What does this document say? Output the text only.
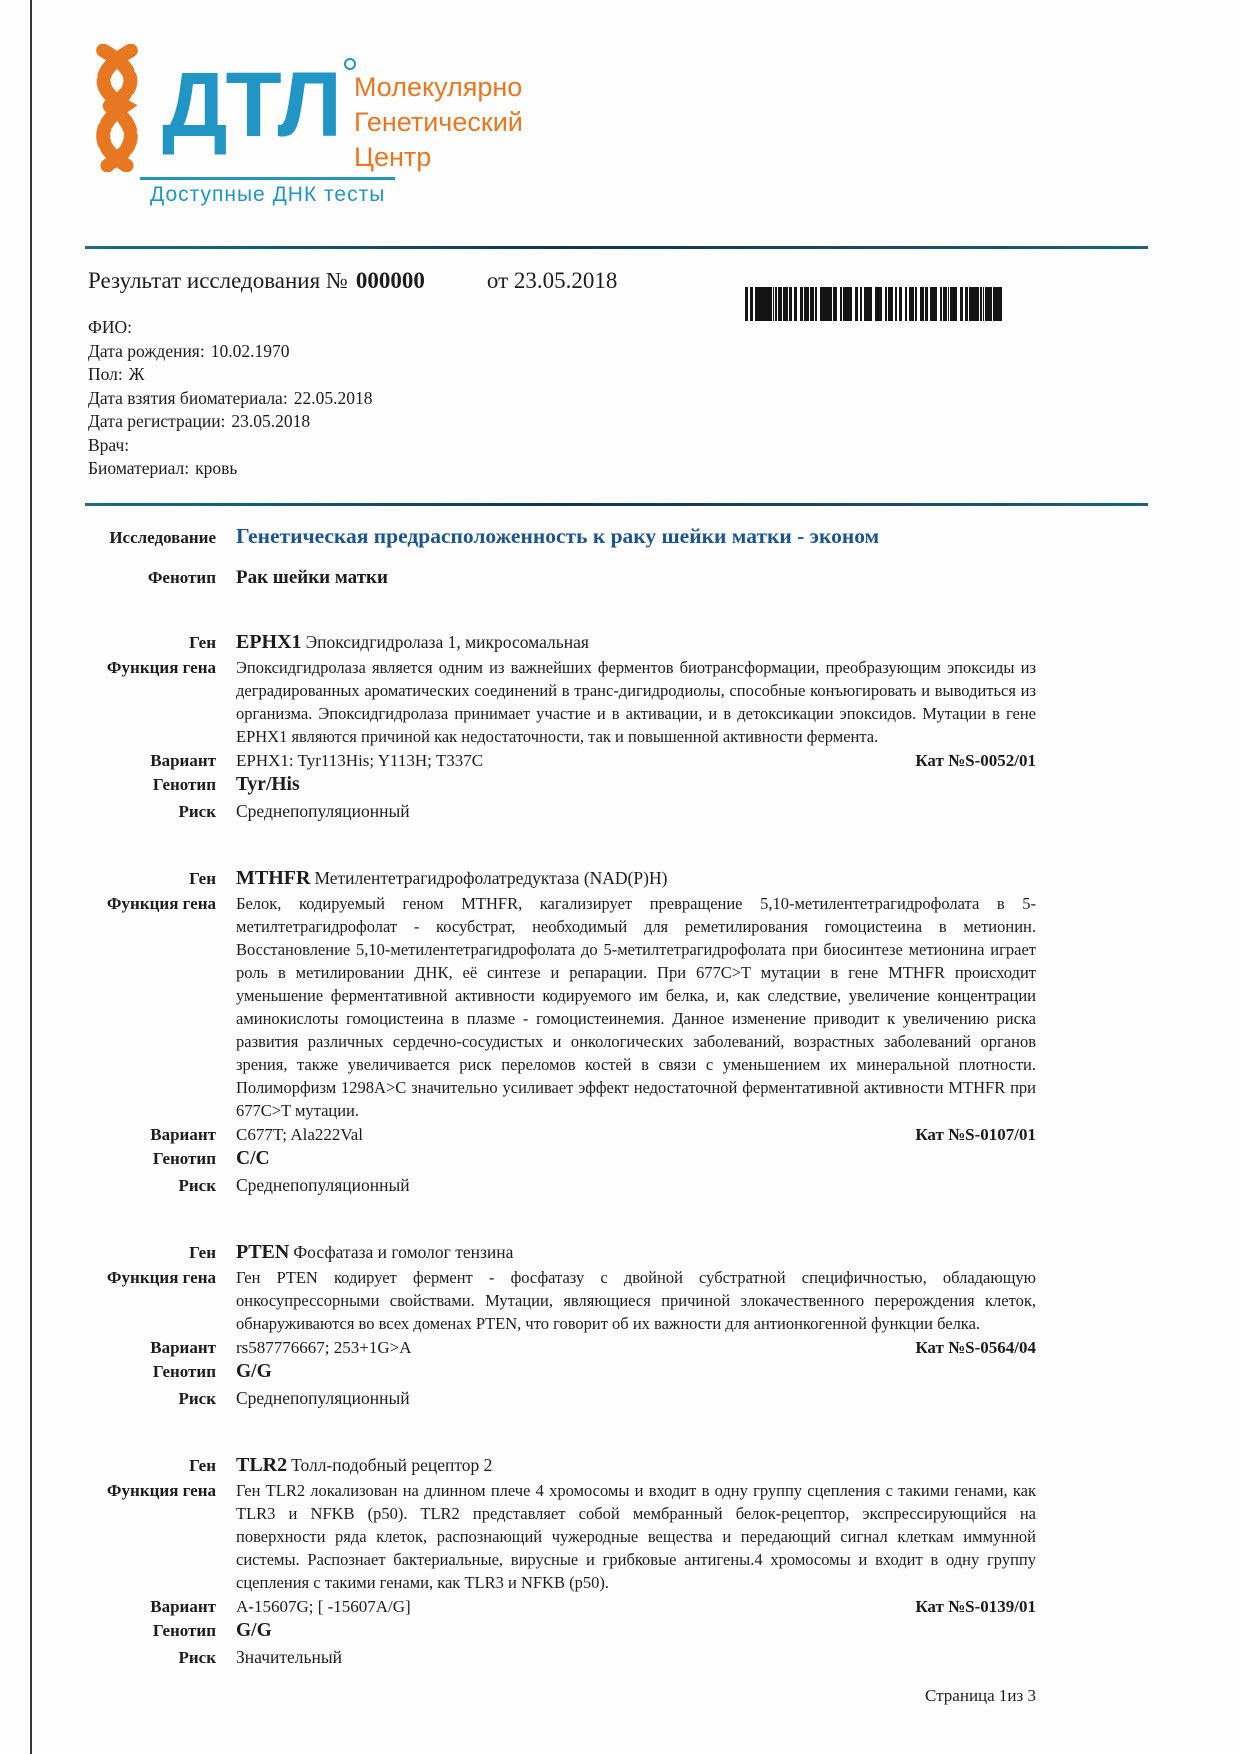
ДТЛ Молекулярно
Генетический
Центр
Доступные ДНК тесты
Результат исследования № 000000	от 23.05.2018
ФИО:
Дата рождения: 10.02.1970
Пол: Ж
Дата взятия биоматериала: 22.05.2018
Дата регистрации: 23.05.2018
Врач:
Биоматериал: кровь
Исследование Генетическая предрасположенность к раку шейки матки - эконом
Фенотип Рак шейки матки
Ген EPHX1 Эпоксидгидролаза 1, микросомальная
Функция гена Эпоксидгидролаза является одним из важнейших ферментов биотрансформации, преобразующим эпоксиды из деградированных ароматических соединений в транс-дигидродиолы, способные конъюгировать и выводиться из организма. Эпоксидгидролаза принимает участие и в активации, и в детоксикации эпоксидов. Мутации в гене EPHX1 являются причиной как недостаточности, так и повышенной активности фермента.

Вариант EPHX1: Tyr113His; Y113H; T337C	Кат №S-0052/01
Генотип Tyr/His
Риск Среднепопуляционный
Ген MTHFR Метилентетрагидрофолатредуктаза (NAD(P)H)
Функция гена Белок, кодируемый геном MTHFR, кагализирует превращение 5,10-метилентетрагидрофолата в 5-метилтетрагидрофолат - косубстрат, необходимый для реметилирования гомоцистеина в метионин. Восстановление 5,10-метилентетрагидрофолата до 5-метилтетрагидрофолата при биосинтезе метионина играет роль в метилировании ДНК, её синтезе и репарации. При 677C>T мутации в гене MTHFR происходит уменьшение ферментативной активности кодируемого им белка, и, как следствие, увеличение концентрации аминокислоты гомоцистеина в плазме - гомоцистеинемия. Данное изменение приводит к увеличению риска развития различных сердечно-сосудистых и онкологических заболеваний, возрастных заболеваний органов зрения, также увеличивается риск переломов костей в связи с уменьшением их минеральной плотности. Полиморфизм 1298A>C значительно усиливает эффект недостаточной ферментативной активности MTHFR при 677C>T мутации.

Вариант C677T; Ala222Val	Кат №S-0107/01
Генотип C/C
Риск Среднепопуляционный
Ген PTEN Фосфатаза и гомолог тензина
Функция гена Ген PTEN кодирует фермент - фосфатазу с двойной субстратной специфичностью, обладающую онкосупрессорными свойствами. Мутации, являющиеся причиной злокачественного перерождения клеток, обнаруживаются во всех доменах PTEN, что говорит об их важности для антионкогенной функции белка.

Вариант rs587776667; 253+1G>A	Кат №S-0564/04
Генотип G/G
Риск Среднепопуляционный
Ген TLR2 Толл-подобный рецептор 2
Функция гена Ген TLR2 локализован на длинном плече 4 хромосомы и входит в одну группу сцепления с такими генами, как TLR3 и NFKB (p50). TLR2 представляет собой мембранный белок-рецептор, экспрессирующийся на поверхности ряда клеток, распознающий чужеродные вещества и передающий сигнал клеткам иммунной системы. Распознает бактериальные, вирусные и грибковые антигены.4 хромосомы и входит в одну группу сцепления с такими генами, как TLR3 и NFKB (p50).

Вариант A-15607G; [ -15607A/G]	Кат №S-0139/01
Генотип G/G
Риск Значительный
Страница 1из 3
